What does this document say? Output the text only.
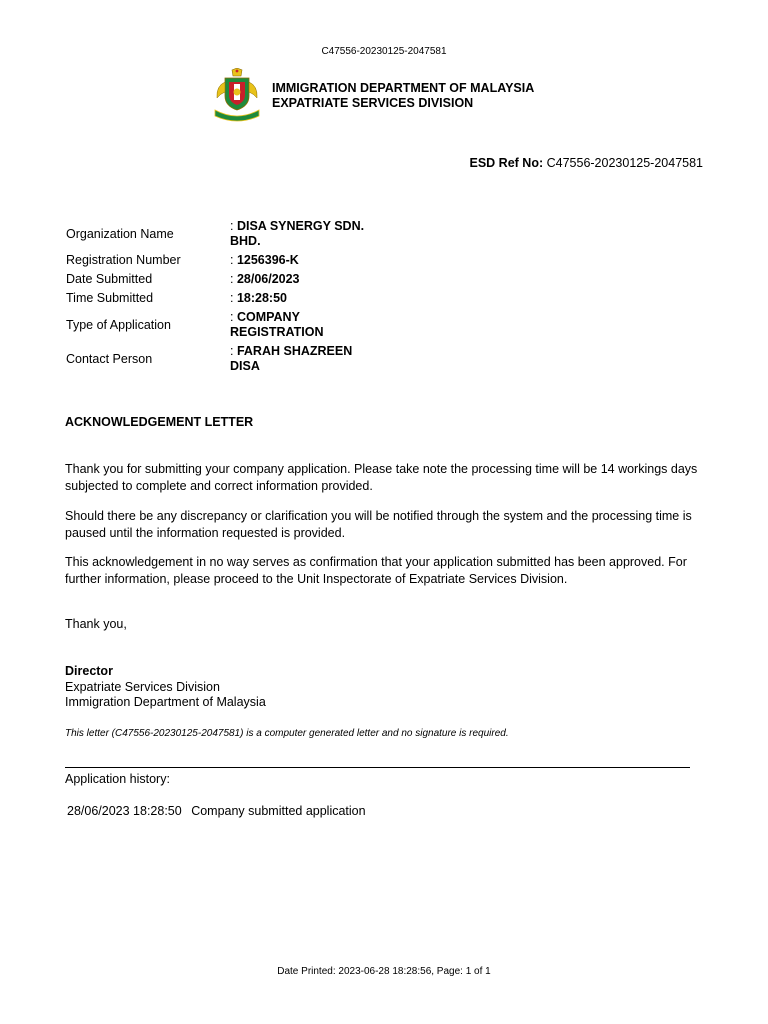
C47556-20230125-2047581
IMMIGRATION DEPARTMENT OF MALAYSIA
EXPATRIATE SERVICES DIVISION
ESD Ref No: C47556-20230125-2047581
Organization Name	: DISA SYNERGY SDN.
BHD.
Registration Number	: 1256396-K
Date Submitted	: 28/06/2023
Time Submitted	: 18:28:50
Type of Application	: COMPANY
REGISTRATION
Contact Person	: FARAH SHAZREEN
DISA
ACKNOWLEDGEMENT LETTER
Thank you for submitting your company application. Please take note the processing time will be 14 workings days subjected to complete and correct information provided.
Should there be any discrepancy or clarification you will be notified through the system and the processing time is paused until the information requested is provided.
This acknowledgement in no way serves as confirmation that your application submitted has been approved. For further information, please proceed to the Unit Inspectorate of Expatriate Services Division.
Thank you,
Director
Expatriate Services Division
Immigration Department of Malaysia
This letter (C47556-20230125-2047581) is a computer generated letter and no signature is required.
Application history:
28/06/2023 18:28:50 Company submitted application
Date Printed: 2023-06-28 18:28:56, Page: 1 of 1
